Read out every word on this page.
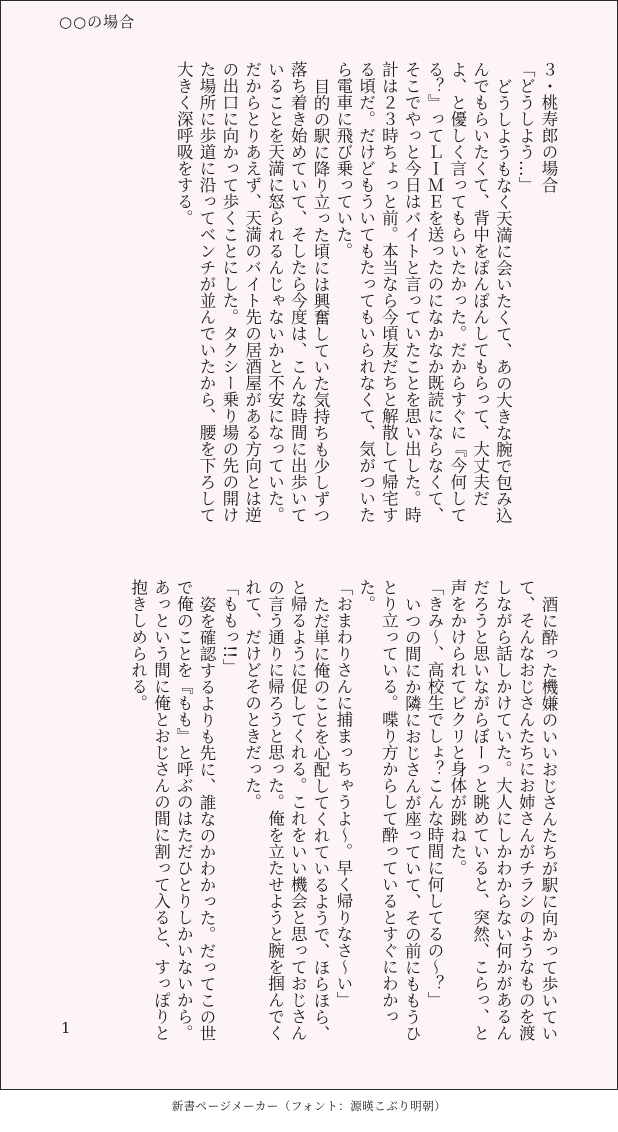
○○の場合

３・桃寿郎の場合

「どうしよう…」

どうしようもなく天満に会いたくて、あの大きな腕で包み込んでもらいたくて、背中をぽんぽんしてもらって、大丈夫だよ、と優しく言ってもらいたかった。だからすぐに『今何してる？』ってＬＩＭＥを送ったのになかなか既読にならなくて、そこでやっと今日はバイトと言っていたことを思い出した。時計は２３時ちょっと前。本当なら今頃友だちと解散して帰宅する頃だ。だけどもういてもたってもいられなくて、気がついたら電車に飛び乗っていた。

目的の駅に降り立った頃には興奮していた気持ちも少しずつ落ち着き始めていて、そしたら今度は、こんな時間に出歩いていることを天満に怒られるんじゃないかと不安になっていた。だからとりあえず、天満のバイト先の居酒屋がある方向とは逆の出口に向かって歩くことにした。タクシー乗り場の先の開けた場所に歩道に沿ってベンチが並んでいたから、腰を下ろして大きく深呼吸をする。

酒に酔った機嫌のいいおじさんたちが駅に向かって歩いていて、そんなおじさんたちにお姉さんがチラシのようなものを渡しながら話しかけていた。大人にしかわからない何かがあるんだろうと思いながらぼーっと眺めていると、突然、こらっ、と声をかけられてビクリと身体が跳ねた。

「きみ〜、高校生でしょ？こんな時間に何してるの〜？」

いつの間にか隣におじさんが座っていて、その前にももうひとり立っている。喋り方からして酔っているとすぐにわかった。

「おまわりさんに捕まっちゃうよ〜。早く帰りなさ〜い」

ただ単に俺のことを心配してくれているようで、ほらほら、と帰るように促してくれる。これをいい機会と思っておじさんの言う通りに帰ろうと思った。俺を立たせようと腕を掴んでくれて、だけどそのときだった。

「ももっ!!」

姿を確認するよりも先に、誰なのかわかった。だってこの世で俺のことを『もも』と呼ぶのはただひとりしかいないから。あっという間に俺とおじさんの間に割って入ると、すっぽりと抱きしめられる。

1
新書ページメーカー（フォント：源暎こぶり明朝）
